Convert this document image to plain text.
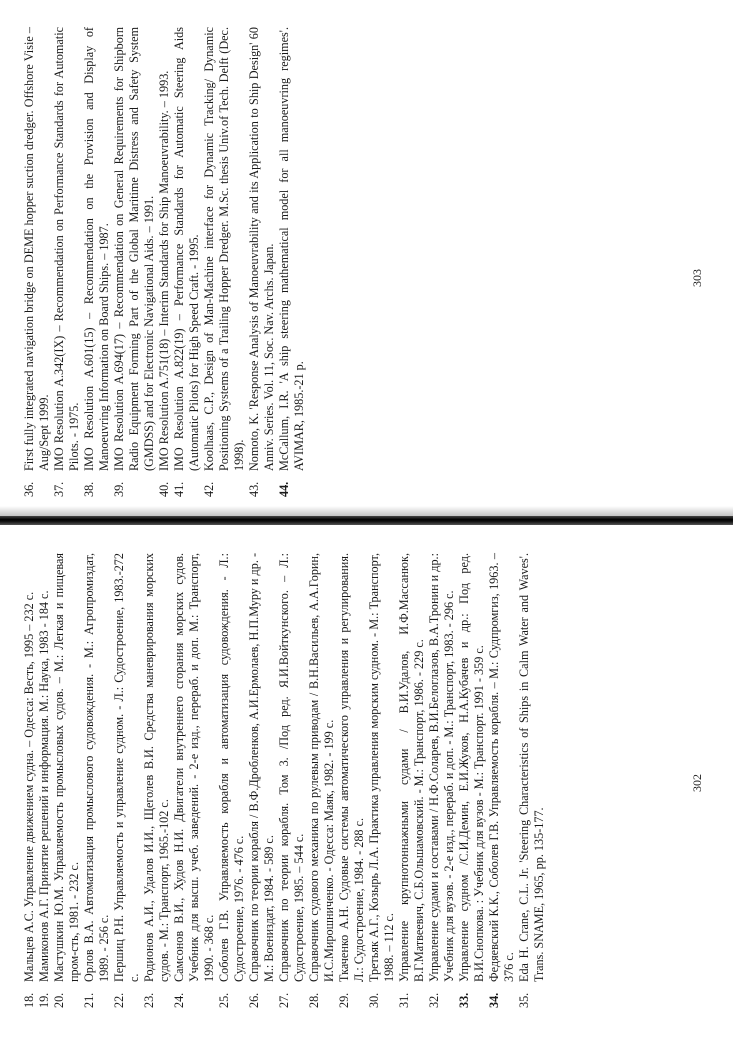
18.
Мальцев А.С. Управление движением судна. – Одесса: Весть, 1995 – 232 с.
19.
Мамиконов А.Г. Принятие решений и информация. М.: Наука, 1983 - 184 с.
20.
Мастушкин Ю.М. Управляемость промысловых судов. – М.: Легкая и пищевая пром-сть, 1981. - 232 с.
21.
Орлов В.А. Автоматизация промыслового судовождения. - М.: Агропромиздат, 1989. - 256 с.
22.
Першиц Р.Н. Управляемость и управление судном. - Л.: Судостроение, 1983.-272 с.
23.
Родионов А.И., Удалов И.И., Щеголев В.И. Средства маневрирования морских судов. - М.: Транспорт, 1965.-102 с.
24.
Самсонов В.И., Худов Н.И. Двигатели внутреннего сгорания морских судов. Учебник для высш. учеб. заведений. - 2-е изд., перераб. и доп. М.: Транспорт, 1990. - 368 с.
25.
Соболев Г.В. Управляемость корабля и автоматизация судовождения. - Л.: Судостроение, 1976. - 476 с.
26.
Справочник по теории корабля / В.Ф.Дробленков, А.И.Ермолаев, Н.П.Муру и др. - М.: Воениздат, 1984. - 589 с.
27.
Справочник по теории корабля. Том 3. /Под ред. Я.И.Войткунского. – Л.: Судостроение, 1985. – 544 с.
28.
Справочник судового механика по рулевым приводам / В.Н.Васильев, А.А.Горин, И.С.Мирошниченко. - Одесса: Маяк, 1982. - 199 с.
29.
Ткаченко А.Н. Судовые системы автоматического управления и регулирования. Л.: Судостроение, 1984. - 288 с.
30.
Третьяк А.Г., Козырь Л.А. Практика управления морским судном. - М.: Транспорт, 1988. – 112 с.
31.
Управление крупнотоннажными судами / В.И.Удалов, И.Ф.Массанюк, В.Г.Матвеевич, С.Б.Ольшамовский. - М.: Транспорт, 1986. - 229 с.
32.
Управление судами и составами / Н.Ф.Соларев, В.И.Белоглазов, В.А.Тронин и др.: Учебник для вузов. - 2-е изд., перераб. и доп. - М.: Транспорт, 1983. - 296 с.
33.
Управление судном /С.И.Демин, Е.И.Жуков, Н.А.Кубачев и др.: Под ред. В.И.Снопкова. : Учебник для вузов - М.: Транспорт. 1991 - 359 с.
34.
Федяевский К.К., Соболев Г.В. Управляемость корабля. – М.: Судпромгиз, 1963. – 376 с.
35.
Eda H. Crane, C.L. Jr. 'Steering Characteristics of Ships in Calm Water and Waves'. Trans. SNAME, 1965, pp. 135-177.
302
36.
First fully integrated navigation bridge on DEME hopper suction dredger. Offshore Visie – Aug/Sept 1999.
37.
IMO Resolution A.342(IX) – Recommendation on Performance Standards for Automatic Pilots. - 1975.
38.
IMO Resolution A.601(15) – Recommendation on the Provision and Display of Manoeuvring Information on Board Ships. – 1987.
39.
IMO Resolution A.694(17) – Recommendation on General Requirements for Shipborn Radio Equipment Forming Part of the Global Maritime Distress and Safety System (GMDSS) and for Electronic Navigational Aids. – 1991.
40.
IMO Resolution A.751(18) – Interim Standards for Ship Manoeuvrability. – 1993.
41.
IMO Resolution A.822(19) – Performance Standards for Automatic Steering Aids (Automatic Pilots) for High Speed Craft. - 1995.
42.
Koolhaas, C.P., Design of Man-Machine interface for Dynamic Tracking/ Dynamic Positioning Systems of a Trailing Hopper Dredger. M.Sc. thesis Univ.of Tech. Delft (Dec. 1998).
43.
Nomoto, K. 'Response Analysis of Manoeuvrability and its Application to Ship Design' 60 Anniv. Series. Vol. 11, Soc. Nav. Archs. Japan.
44.
McCallum, I.R. 'A ship steering mathematical model for all manoeuvring regimes'. AVIMAR, 1985.-21 p.
303
